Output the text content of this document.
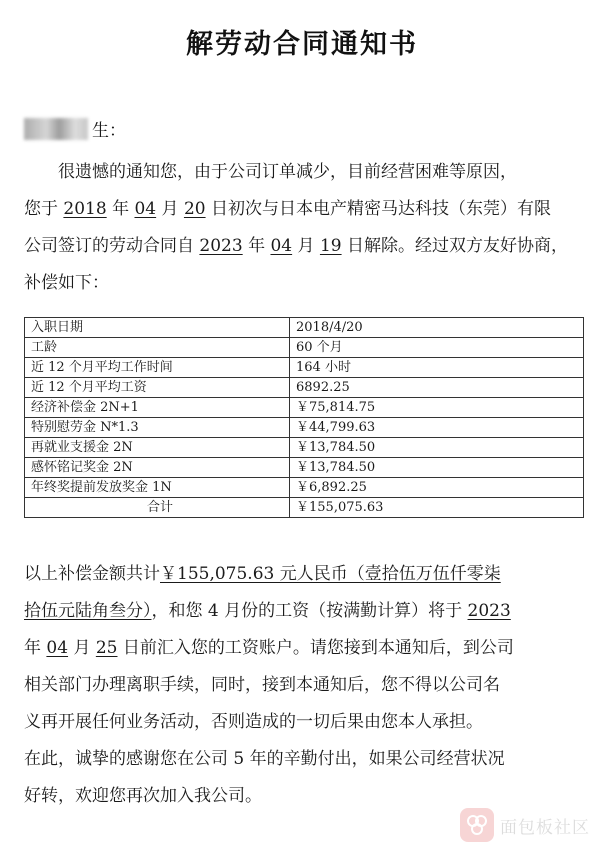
解劳动合同通知书
生：
　　很遗憾的通知您，由于公司订单减少，目前经营困难等原因，
您于 2018 年 04 月 20 日初次与日本电产精密马达科技（东莞）有限
公司签订的劳动合同自 2023 年 04 月 19 日解除。经过双方友好协商，
补偿如下：
入职日期	2018/4/20
工龄	60 个月
近 12 个月平均工作时间	164 小时
近 12 个月平均工资	6892.25
经济补偿金 2N+1	￥75,814.75
特别慰劳金 N*1.3	￥44,799.63
再就业支援金 2N	￥13,784.50
感怀铭记奖金 2N	￥13,784.50
年终奖提前发放奖金 1N	￥6,892.25
合计	￥155,075.63
以上补偿金额共计￥155,075.63 元人民币（壹拾伍万伍仟零柒
拾伍元陆角叁分），和您 4 月份的工资（按满勤计算）将于 2023
年 04 月 25 日前汇入您的工资账户。请您接到本通知后，到公司
相关部门办理离职手续，同时，接到本通知后，您不得以公司名
义再开展任何业务活动，否则造成的一切后果由您本人承担。
在此，诚挚的感谢您在公司 5 年的辛勤付出，如果公司经营状况
好转，欢迎您再次加入我公司。
面包板社区
